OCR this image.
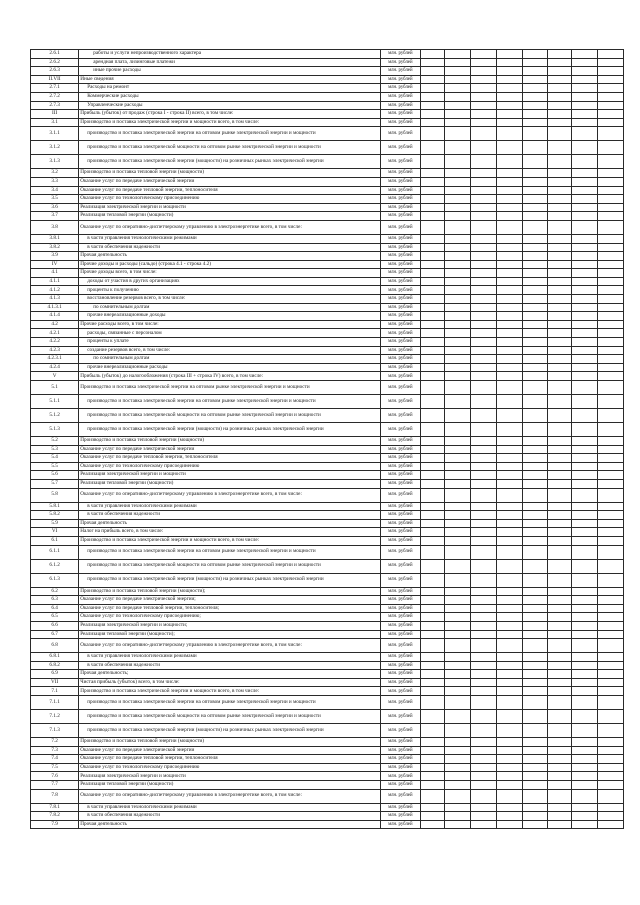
2.6.1	работы и услуги непроизводственного характера	млн. рублей								
2.6.2	арендная плата, лизинговые платежи	млн. рублей								
2.6.3	иные прочие расходы	млн. рублей								
II.VII	Иные сведения	млн. рублей								
2.7.1	Расходы на ремонт	млн. рублей								
2.7.2	Коммерческие расходы	млн. рублей								
2.7.3	Управленческие расходы	млн. рублей								
III	Прибыль (убыток) от продаж (строка I - строка II) всего, в том числе:	млн. рублей								
3.1	Производство и поставка электрической энергии и мощности всего, в том числе:	млн. рублей								
3.1.1	производство и поставка электрической энергии на оптовом рынке электрической энергии и мощности	млн. рублей								
3.1.2	производство и поставка электрической мощности на оптовом рынке электрической энергии и мощности	млн. рублей								
3.1.3	производство и поставка электрической энергии (мощности) на розничных рынках электрической энергии	млн. рублей								
3.2	Производство и поставка тепловой энергии (мощности)	млн. рублей								
3.3	Оказание услуг по передаче электрической энергии	млн. рублей								
3.4	Оказание услуг по передаче тепловой энергии, теплоносителя	млн. рублей								
3.5	Оказание услуг по технологическому присоединению	млн. рублей								
3.6	Реализация электрической энергии и мощности	млн. рублей								
3.7	Реализация тепловой энергии (мощности)	млн. рублей								
3.8	Оказание услуг по оперативно-диспетчерскому управлению в электроэнергетике всего, в том числе:	млн. рублей								
3.8.1	в части управления технологическими режимами	млн. рублей								
3.8.2	в части обеспечения надежности	млн. рублей								
3.9	Прочая деятельность	млн. рублей								
IV	Прочие доходы и расходы (сальдо) (строка 4.1 - строка 4.2)	млн. рублей								
4.1	Прочие доходы всего, в том числе:	млн. рублей								
4.1.1	доходы от участия в других организациях	млн. рублей								
4.1.2	проценты к получению	млн. рублей								
4.1.3	восстановление резервов всего, в том числе:	млн. рублей								
4.1.3.1	по сомнительным долгам	млн. рублей								
4.1.4	прочие внереализационные доходы	млн. рублей								
4.2	Прочие расходы всего, в том числе:	млн. рублей								
4.2.1	расходы, связанные с персоналом	млн. рублей								
4.2.2	проценты к уплате	млн. рублей								
4.2.3	создание резервов всего, в том числе:	млн. рублей								
4.2.3.1	по сомнительным долгам	млн. рублей								
4.2.4	прочие внереализационные расходы	млн. рублей								
V	Прибыль (убыток) до налогообложения (строка III + строка IV) всего, в том числе:	млн. рублей								
5.1	Производство и поставка электрической энергии на оптовом рынке электрической энергии и мощности	млн. рублей								
5.1.1	производство и поставка электрической энергии на оптовом рынке электрической энергии и мощности	млн. рублей								
5.1.2	производство и поставка электрической мощности на оптовом рынке электрической энергии и мощности	млн. рублей								
5.1.3	производство и поставка электрической энергии (мощности) на розничных рынках электрической энергии	млн. рублей								
5.2	Производство и поставка тепловой энергии (мощности)	млн. рублей								
5.3	Оказание услуг по передаче электрической энергии	млн. рублей								
5.4	Оказание услуг по передаче тепловой энергии, теплоносителя	млн. рублей								
5.5	Оказание услуг по технологическому присоединению	млн. рублей								
5.6	Реализация электрической энергии и мощности	млн. рублей								
5.7	Реализация тепловой энергии (мощности)	млн. рублей								
5.8	Оказание услуг по оперативно-диспетчерскому управлению в электроэнергетике всего, в том числе:	млн. рублей								
5.8.1	в части управления технологическими режимами	млн. рублей								
5.8.2	в части обеспечения надежности	млн. рублей								
5.9	Прочая деятельность	млн. рублей								
VI	Налог на прибыль всего, в том числе:	млн. рублей								
6.1	Производство и поставка электрической энергии и мощности всего, в том числе:	млн. рублей								
6.1.1	производство и поставка электрической энергии на оптовом рынке электрической энергии и мощности	млн. рублей								
6.1.2	производство и поставка электрической мощности на оптовом рынке электрической энергии и мощности	млн. рублей								
6.1.3	производство и поставка электрической энергии (мощности) на розничных рынках электрической энергии	млн. рублей								
6.2	Производство и поставка тепловой энергии (мощности);	млн. рублей								
6.3	Оказание услуг по передаче электрической энергии;	млн. рублей								
6.4	Оказание услуг по передаче тепловой энергии, теплоносителя;	млн. рублей								
6.5	Оказание услуг по технологическому присоединению;	млн. рублей								
6.6	Реализация электрической энергии и мощности;	млн. рублей								
6.7	Реализация тепловой энергии (мощности);	млн. рублей								
6.8	Оказание услуг по оперативно-диспетчерскому управлению в электроэнергетике всего, в том числе:	млн. рублей								
6.8.1	в части управления технологическими режимами	млн. рублей								
6.8.2	в части обеспечения надежности	млн. рублей								
6.9	Прочая деятельность;	млн. рублей								
VII	Чистая прибыль (убыток) всего, в том числе:	млн. рублей								
7.1	Производство и поставка электрической энергии и мощности всего, в том числе:	млн. рублей								
7.1.1	производство и поставка электрической энергии на оптовом рынке электрической энергии и мощности	млн. рублей								
7.1.2	производство и поставка электрической мощности на оптовом рынке электрической энергии и мощности	млн. рублей								
7.1.3	производство и поставка электрической энергии (мощности) на розничных рынках электрической энергии	млн. рублей								
7.2	Производство и поставка тепловой энергии (мощности)	млн. рублей								
7.3	Оказание услуг по передаче электрической энергии	млн. рублей								
7.4	Оказание услуг по передаче тепловой энергии, теплоносителя	млн. рублей								
7.5	Оказание услуг по технологическому присоединению	млн. рублей								
7.6	Реализация электрической энергии и мощности	млн. рублей								
7.7	Реализация тепловой энергии (мощности)	млн. рублей								
7.8	Оказание услуг по оперативно-диспетчерскому управлению в электроэнергетике всего, в том числе:	млн. рублей								
7.8.1	в части управления технологическими режимами	млн. рублей								
7.8.2	в части обеспечения надежности	млн. рублей								
7.9	Прочая деятельность	млн. рублей								
